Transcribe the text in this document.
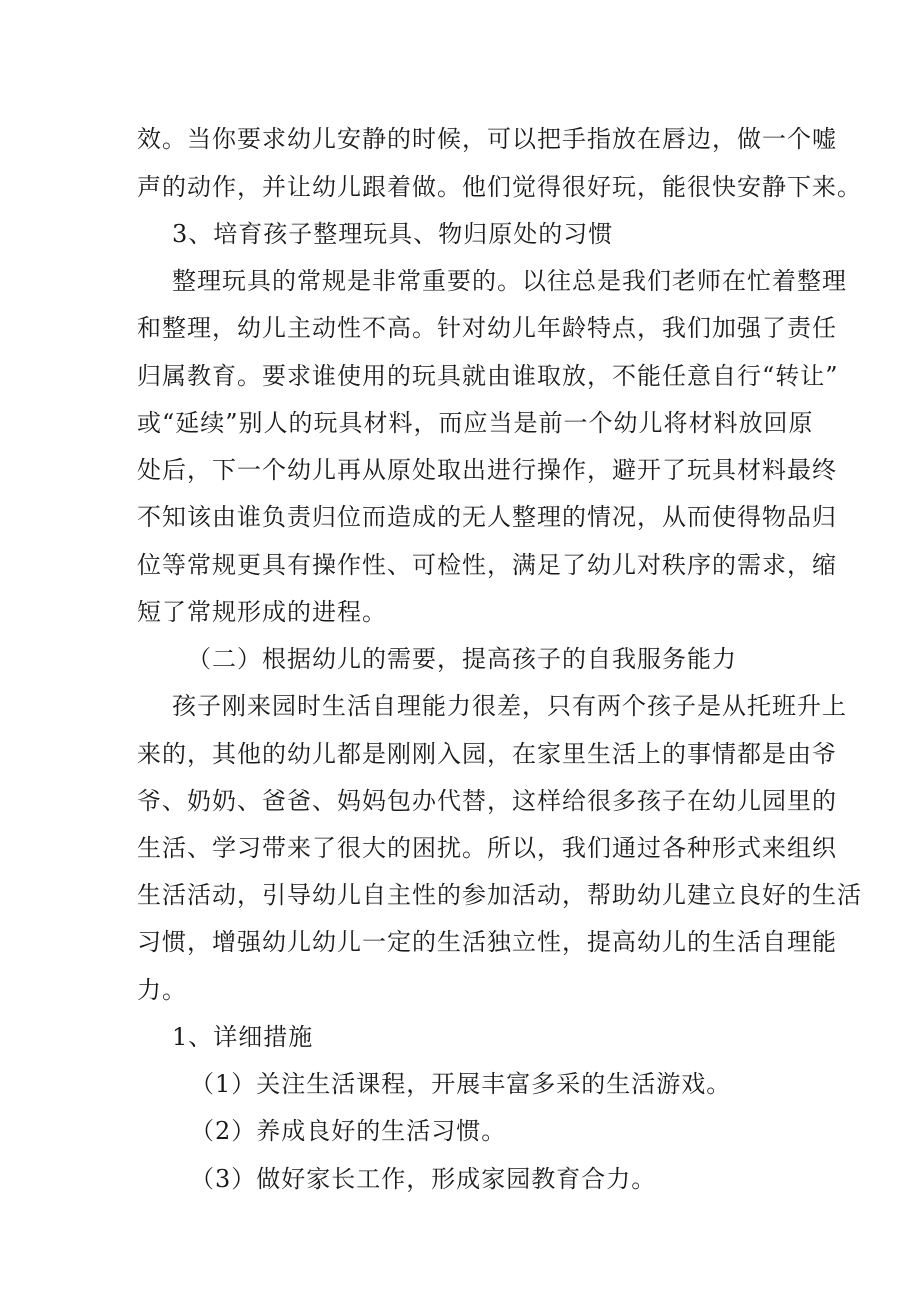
效。当你要求幼儿安静的时候，可以把手指放在唇边，做一个嘘
声的动作，并让幼儿跟着做。他们觉得很好玩，能很快安静下来。
3、培育孩子整理玩具、物归原处的习惯
整理玩具的常规是非常重要的。以往总是我们老师在忙着整理
和整理，幼儿主动性不高。针对幼儿年龄特点，我们加强了责任
归属教育。要求谁使用的玩具就由谁取放，不能任意自行“转让”
或“延续”别人的玩具材料，而应当是前一个幼儿将材料放回原
处后，下一个幼儿再从原处取出进行操作，避开了玩具材料最终
不知该由谁负责归位而造成的无人整理的情况，从而使得物品归
位等常规更具有操作性、可检性，满足了幼儿对秩序的需求，缩
短了常规形成的进程。
（二）根据幼儿的需要，提高孩子的自我服务能力
孩子刚来园时生活自理能力很差，只有两个孩子是从托班升上
来的，其他的幼儿都是刚刚入园，在家里生活上的事情都是由爷
爷、奶奶、爸爸、妈妈包办代替，这样给很多孩子在幼儿园里的
生活、学习带来了很大的困扰。所以，我们通过各种形式来组织
生活活动，引导幼儿自主性的参加活动，帮助幼儿建立良好的生活
习惯，增强幼儿幼儿一定的生活独立性，提高幼儿的生活自理能
力。
1、详细措施
（1）关注生活课程，开展丰富多采的生活游戏。
（2）养成良好的生活习惯。
（3）做好家长工作，形成家园教育合力。
